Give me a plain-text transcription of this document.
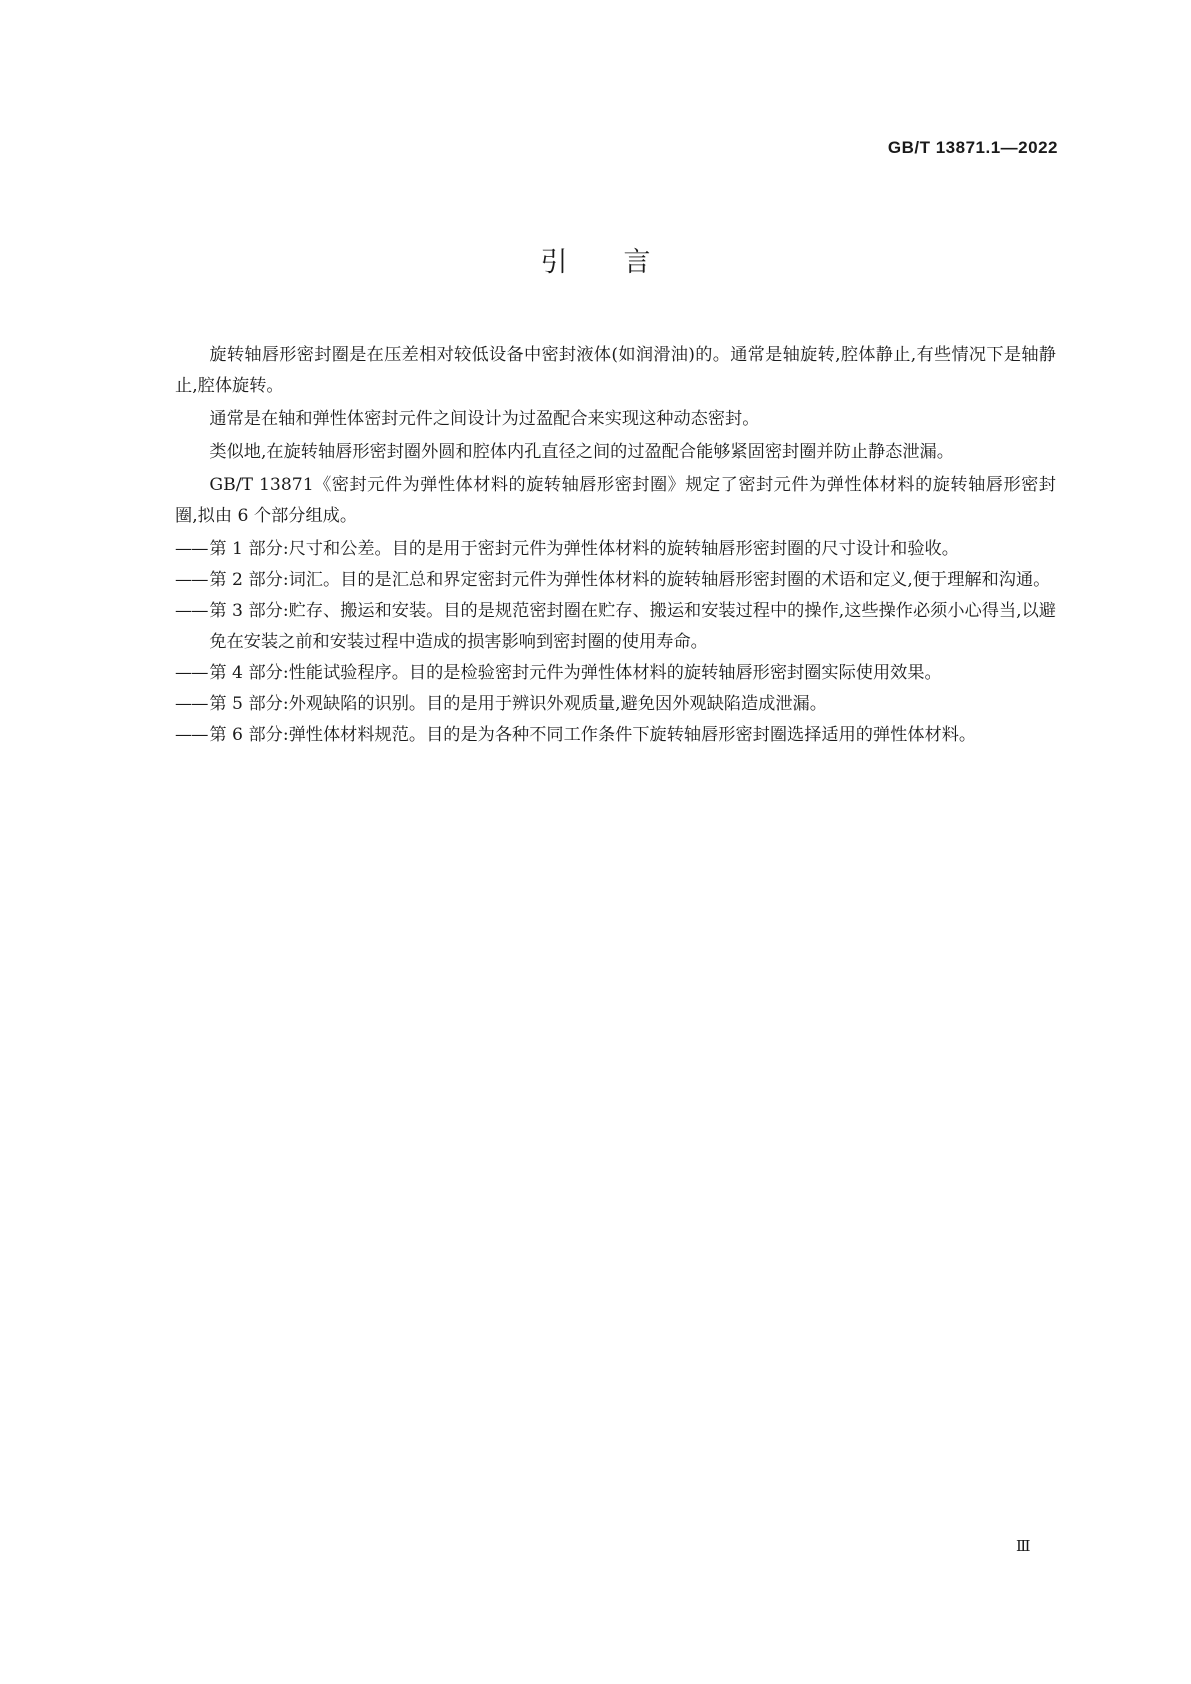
GB/T 13871.1—2022
引言

旋转轴唇形密封圈是在压差相对较低设备中密封液体(如润滑油)的。通常是轴旋转,腔体静止,有些情况下是轴静止,腔体旋转。

通常是在轴和弹性体密封元件之间设计为过盈配合来实现这种动态密封。

类似地,在旋转轴唇形密封圈外圆和腔体内孔直径之间的过盈配合能够紧固密封圈并防止静态泄漏。

GB/T 13871《密封元件为弹性体材料的旋转轴唇形密封圈》规定了密封元件为弹性体材料的旋转轴唇形密封圈,拟由 6 个部分组成。

—— 第 1 部分:尺寸和公差。目的是用于密封元件为弹性体材料的旋转轴唇形密封圈的尺寸设计和验收。

—— 第 2 部分:词汇。目的是汇总和界定密封元件为弹性体材料的旋转轴唇形密封圈的术语和定义,便于理解和沟通。

—— 第 3 部分:贮存、搬运和安装。目的是规范密封圈在贮存、搬运和安装过程中的操作,这些操作必须小心得当,以避免在安装之前和安装过程中造成的损害影响到密封圈的使用寿命。

—— 第 4 部分:性能试验程序。目的是检验密封元件为弹性体材料的旋转轴唇形密封圈实际使用效果。

—— 第 5 部分:外观缺陷的识别。目的是用于辨识外观质量,避免因外观缺陷造成泄漏。

—— 第 6 部分:弹性体材料规范。目的是为各种不同工作条件下旋转轴唇形密封圈选择适用的弹性体材料。

Ⅲ
